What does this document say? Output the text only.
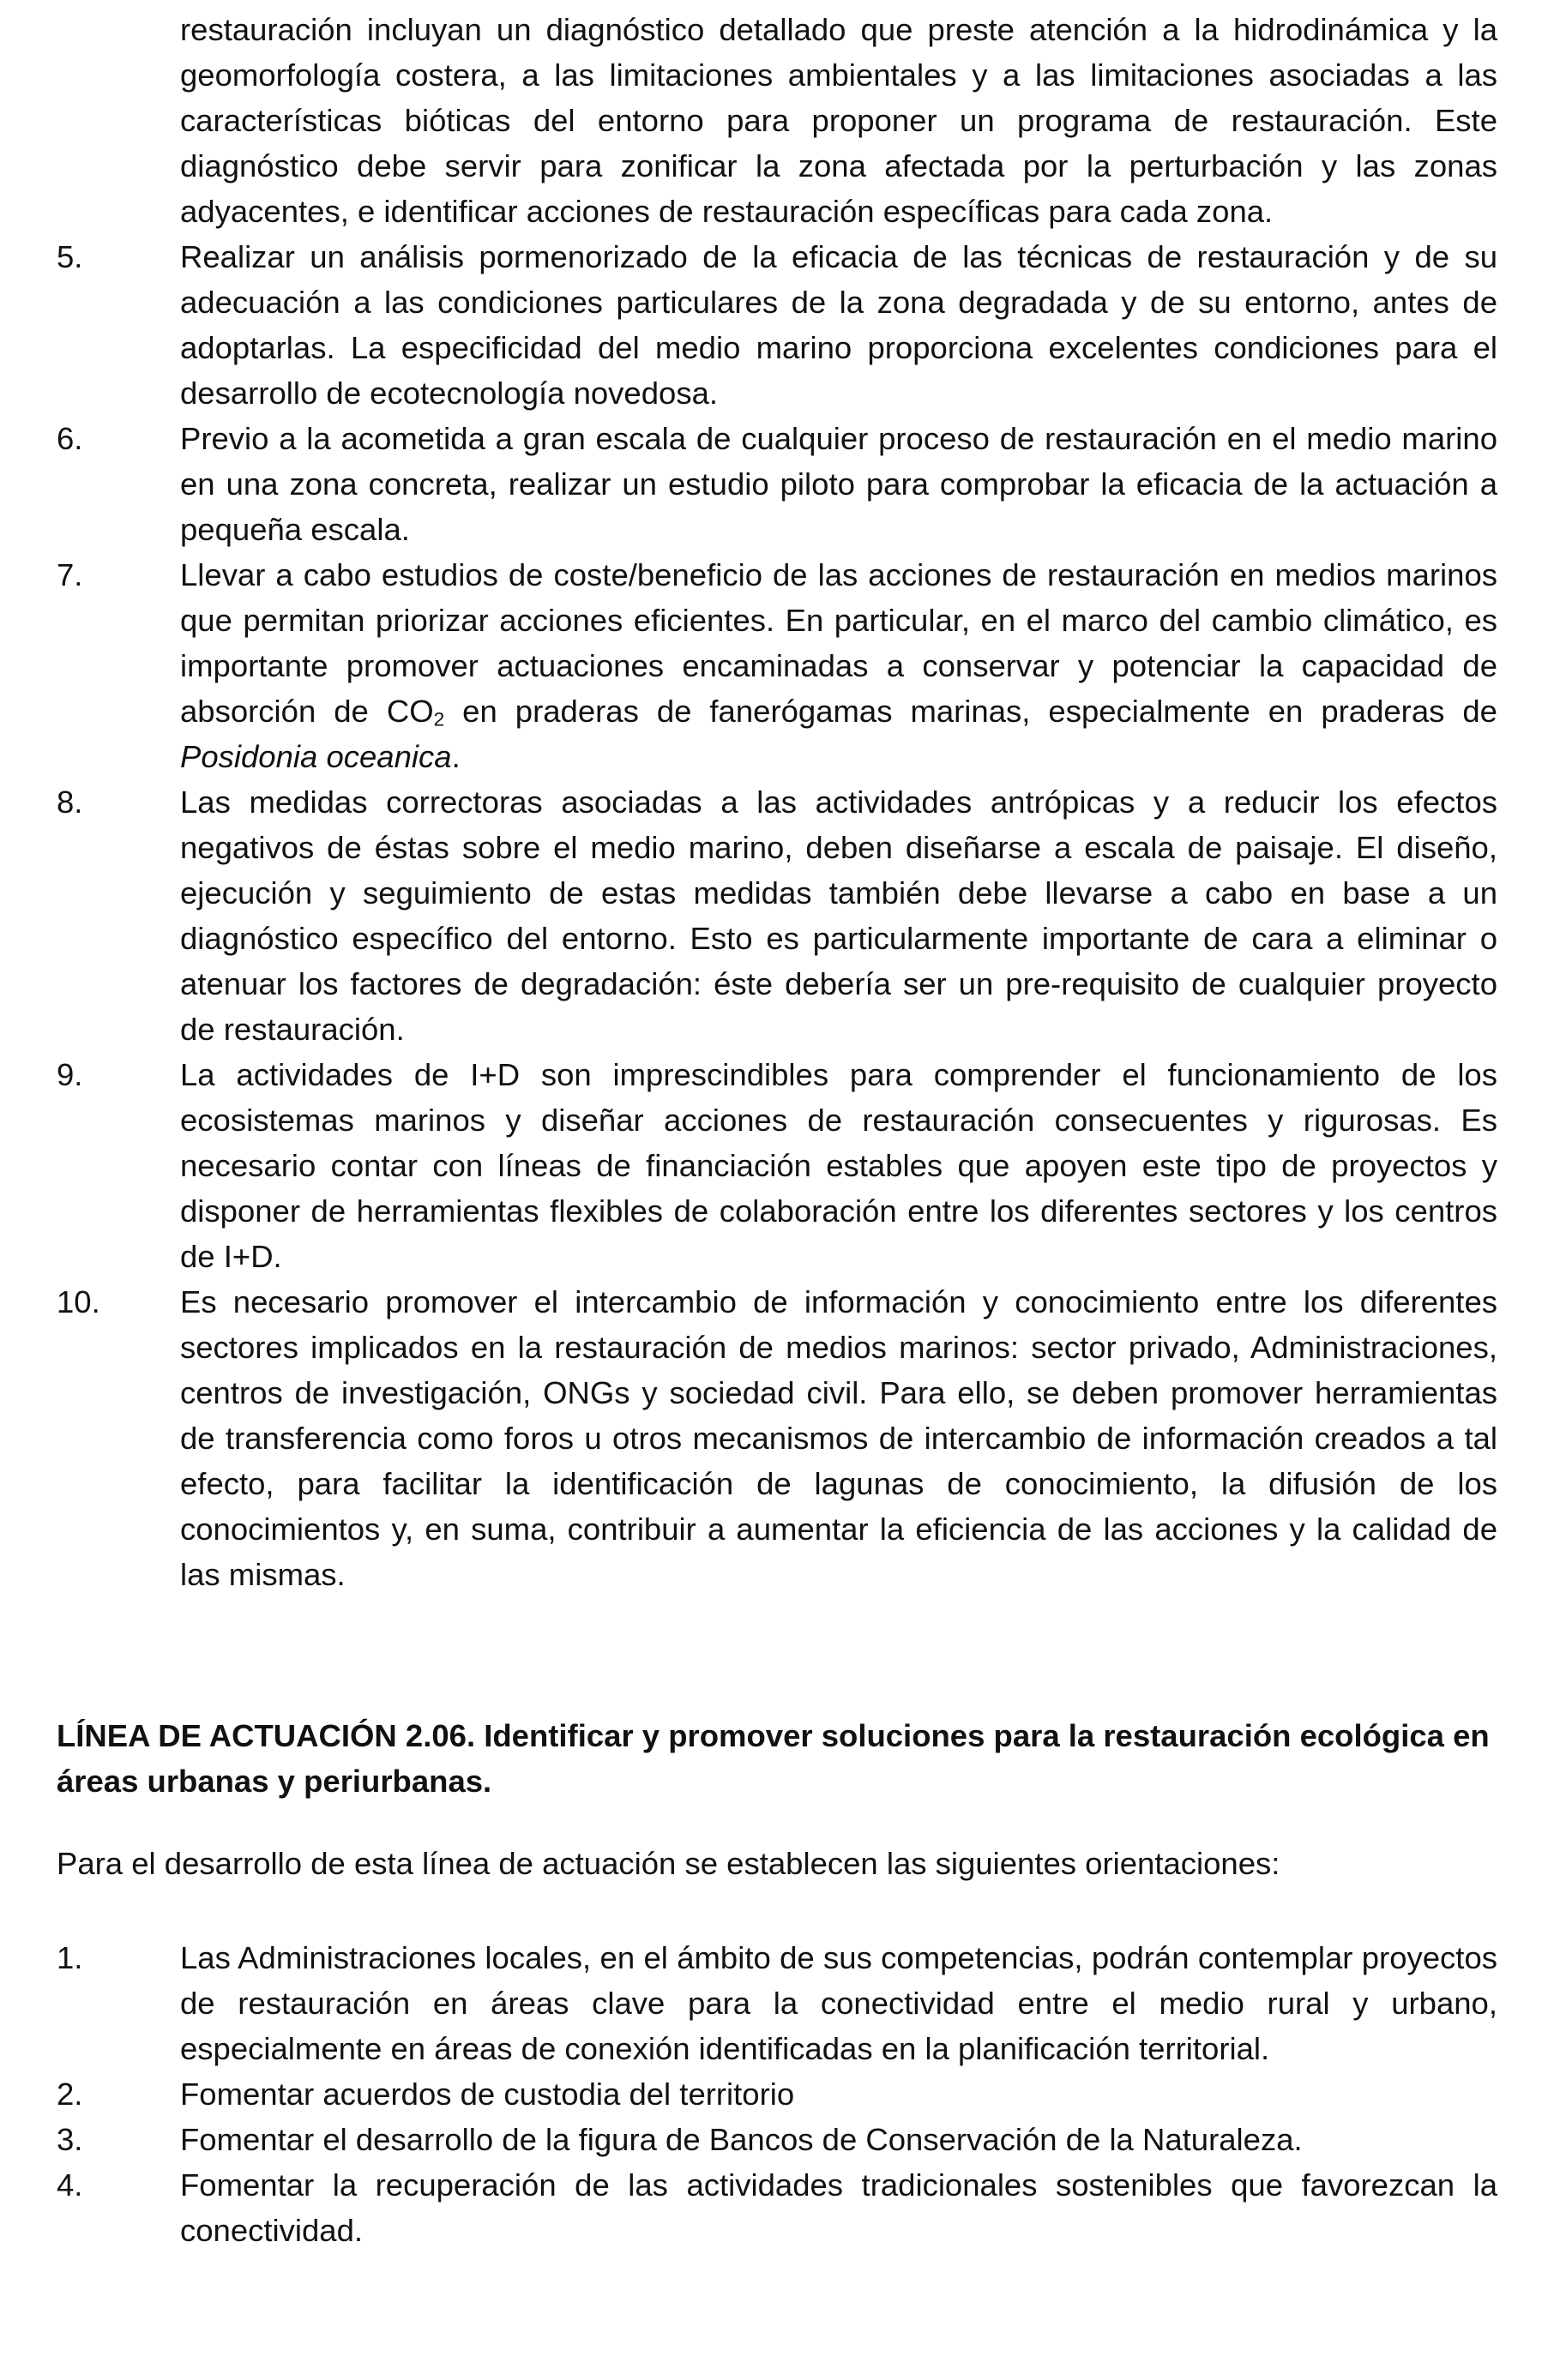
restauración incluyan un diagnóstico detallado que preste atención a la hidrodinámica y la geomorfología costera, a las limitaciones ambientales y a las limitaciones asociadas a las características bióticas del entorno para proponer un programa de restauración. Este diagnóstico debe servir para zonificar la zona afectada por la perturbación y las zonas adyacentes, e identificar acciones de restauración específicas para cada zona.
5.	Realizar un análisis pormenorizado de la eficacia de las técnicas de restauración y de su adecuación a las condiciones particulares de la zona degradada y de su entorno, antes de adoptarlas. La especificidad del medio marino proporciona excelentes condiciones para el desarrollo de ecotecnología novedosa.
6.	Previo a la acometida a gran escala de cualquier proceso de restauración en el medio marino en una zona concreta, realizar un estudio piloto para comprobar la eficacia de la actuación a pequeña escala.
7.	Llevar a cabo estudios de coste/beneficio de las acciones de restauración en medios marinos que permitan priorizar acciones eficientes. En particular, en el marco del cambio climático, es importante promover actuaciones encaminadas a conservar y potenciar la capacidad de absorción de $CO_2$ en praderas de fanerógamas marinas, especialmente en praderas de Posidonia oceanica.
8.	Las medidas correctoras asociadas a las actividades antrópicas y a reducir los efectos negativos de éstas sobre el medio marino, deben diseñarse a escala de paisaje. El diseño, ejecución y seguimiento de estas medidas también debe llevarse a cabo en base a un diagnóstico específico del entorno. Esto es particularmente importante de cara a eliminar o atenuar los factores de degradación: éste debería ser un pre-requisito de cualquier proyecto de restauración.
9.	La actividades de I+D son imprescindibles para comprender el funcionamiento de los ecosistemas marinos y diseñar acciones de restauración consecuentes y rigurosas. Es necesario contar con líneas de financiación estables que apoyen este tipo de proyectos y disponer de herramientas flexibles de colaboración entre los diferentes sectores y los centros de I+D.
10.	Es necesario promover el intercambio de información y conocimiento entre los diferentes sectores implicados en la restauración de medios marinos: sector privado, Administraciones, centros de investigación, ONGs y sociedad civil. Para ello, se deben promover herramientas de transferencia como foros u otros mecanismos de intercambio de información creados a tal efecto, para facilitar la identificación de lagunas de conocimiento, la difusión de los conocimientos y, en suma, contribuir a aumentar la eficiencia de las acciones y la calidad de las mismas.
LÍNEA DE ACTUACIÓN 2.06. Identificar y promover soluciones para la restauración ecológica en áreas urbanas y periurbanas.

Para el desarrollo de esta línea de actuación se establecen las siguientes orientaciones:

1.	Las Administraciones locales, en el ámbito de sus competencias, podrán contemplar proyectos de restauración en áreas clave para la conectividad entre el medio rural y urbano, especialmente en áreas de conexión identificadas en la planificación territorial.
2.	Fomentar acuerdos de custodia del territorio
3.	Fomentar el desarrollo de la figura de Bancos de Conservación de la Naturaleza.
4.	Fomentar la recuperación de las actividades tradicionales sostenibles que favorezcan la conectividad.
